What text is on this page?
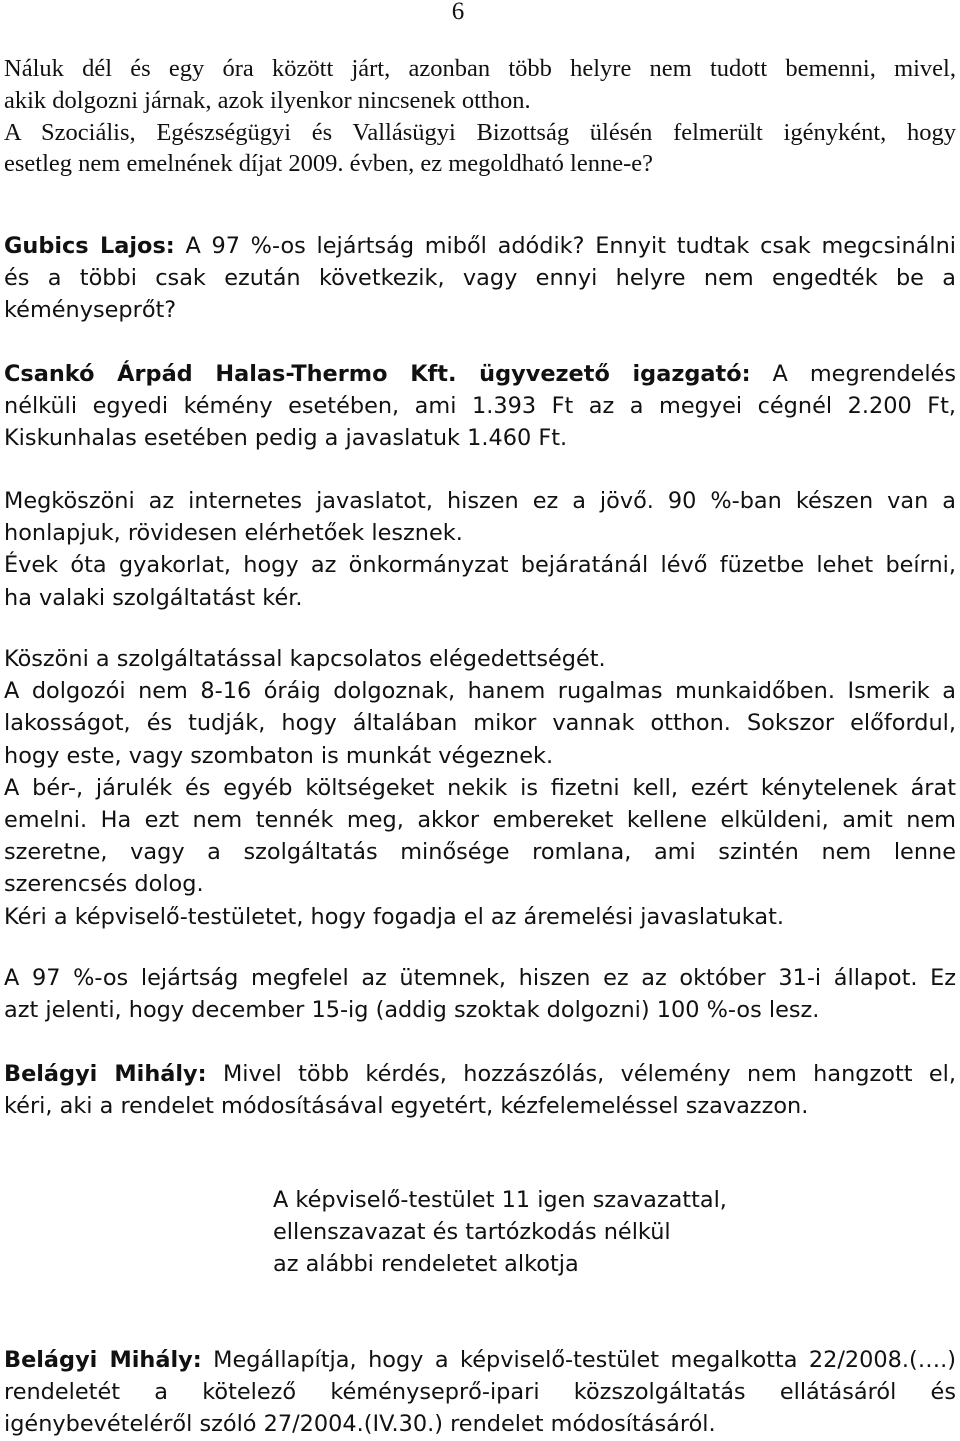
6

Náluk dél és egy óra között járt, azonban több helyre nem tudott bemenni, mivel,
akik dolgozni járnak, azok ilyenkor nincsenek otthon.
A Szociális, Egészségügyi és Vallásügyi Bizottság ülésén felmerült igényként, hogy
esetleg nem emelnének díjat 2009. évben, ez megoldható lenne-e?
Gubics Lajos: A 97 %-os lejártság miből adódik? Ennyit tudtak csak megcsinálni
és a többi csak ezután következik, vagy ennyi helyre nem engedték be a
kéményseprőt?
Csankó Árpád Halas-Thermo Kft. ügyvezető igazgató: A megrendelés
nélküli egyedi kémény esetében, ami 1.393 Ft az a megyei cégnél 2.200 Ft,
Kiskunhalas esetében pedig a javaslatuk 1.460 Ft.
Megköszöni az internetes javaslatot, hiszen ez a jövő. 90 %-ban készen van a
honlapjuk, rövidesen elérhetőek lesznek.
Évek óta gyakorlat, hogy az önkormányzat bejáratánál lévő füzetbe lehet beírni,
ha valaki szolgáltatást kér.
Köszöni a szolgáltatással kapcsolatos elégedettségét.
A dolgozói nem 8-16 óráig dolgoznak, hanem rugalmas munkaidőben. Ismerik a
lakosságot, és tudják, hogy általában mikor vannak otthon. Sokszor előfordul,
hogy este, vagy szombaton is munkát végeznek.
A bér-, járulék és egyéb költségeket nekik is fizetni kell, ezért kénytelenek árat
emelni. Ha ezt nem tennék meg, akkor embereket kellene elküldeni, amit nem
szeretne, vagy a szolgáltatás minősége romlana, ami szintén nem lenne
szerencsés dolog.
Kéri a képviselő-testületet, hogy fogadja el az áremelési javaslatukat.
A 97 %-os lejártság megfelel az ütemnek, hiszen ez az október 31-i állapot. Ez
azt jelenti, hogy december 15-ig (addig szoktak dolgozni) 100 %-os lesz.
Belágyi Mihály: Mivel több kérdés, hozzászólás, vélemény nem hangzott el,
kéri, aki a rendelet módosításával egyetért, kézfelemeléssel szavazzon.
A képviselő-testület 11 igen szavazattal,
ellenszavazat és tartózkodás nélkül
az alábbi rendeletet alkotja
Belágyi Mihály: Megállapítja, hogy a képviselő-testület megalkotta 22/2008.(….)
rendeletét a kötelező kéményseprő-ipari közszolgáltatás ellátásáról és
igénybevételéről szóló 27/2004.(IV.30.) rendelet módosításáról.
